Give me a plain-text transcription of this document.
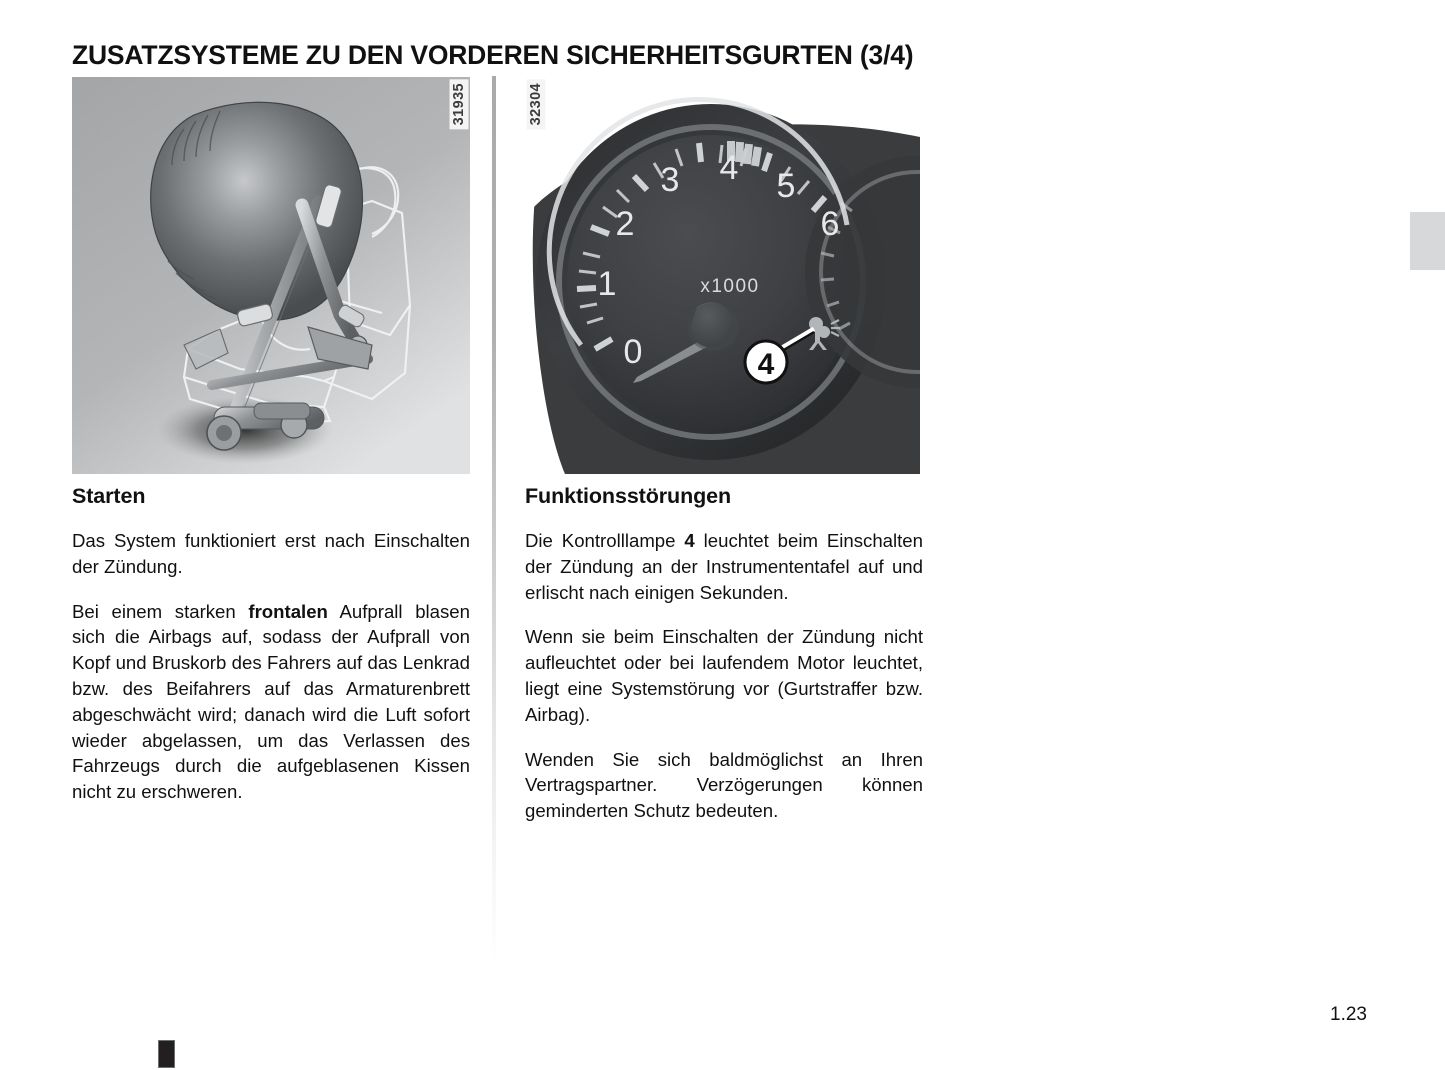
ZUSATZSYSTEME ZU DEN VORDEREN SICHERHEITSGURTEN (3/4)
31935
0
1
2
3 4 5
6
x1000
4
32304
Starten

Das System funktioniert erst nach Einschalten der Zündung.

Bei einem starken frontalen Aufprall blasen sich die Airbags auf, sodass der Aufprall von Kopf und Bruskorb des Fahrers auf das Lenkrad bzw. des Beifahrers auf das Armaturenbrett abgeschwächt wird; danach wird die Luft sofort wieder abgelassen, um das Verlassen des Fahrzeugs durch die aufgeblasenen Kissen nicht zu erschweren.

Funktionsstörungen

Die Kontrolllampe 4 leuchtet beim Einschalten der Zündung an der Instrumententafel auf und erlischt nach einigen Sekunden.

Wenn sie beim Einschalten der Zündung nicht aufleuchtet oder bei laufendem Motor leuchtet, liegt eine Systemstörung vor (Gurtstraffer bzw. Airbag).

Wenden Sie sich baldmöglichst an Ihren Vertragspartner. Verzögerungen können geminderten Schutz bedeuten.

1.23
